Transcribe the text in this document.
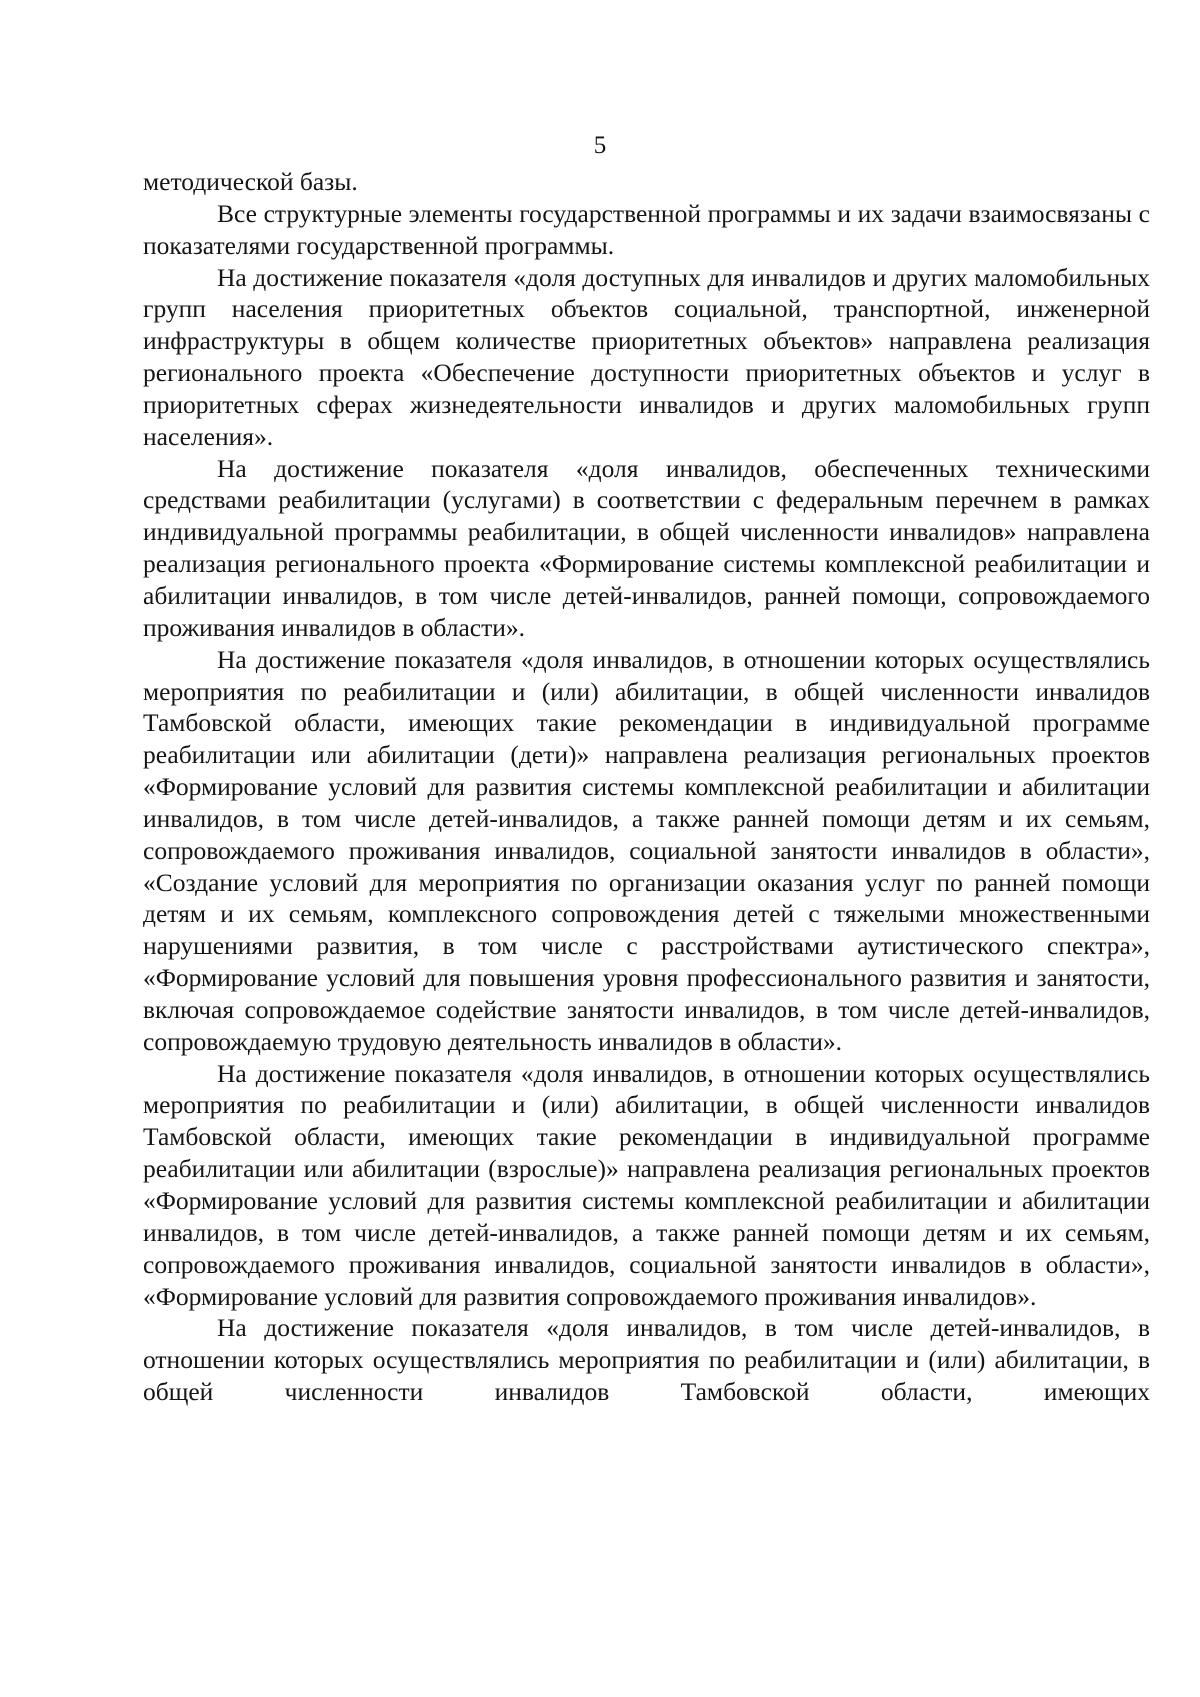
5

методической базы.

Все структурные элементы государственной программы и их задачи взаимосвязаны с показателями государственной программы.

На достижение показателя «доля доступных для инвалидов и других маломобильных групп населения приоритетных объектов социальной, транспортной, инженерной инфраструктуры в общем количестве приоритетных объектов» направлена реализация регионального проекта «Обеспечение доступности приоритетных объектов и услуг в приоритетных сферах жизнедеятельности инвалидов и других маломобильных групп населения».

На достижение показателя «доля инвалидов, обеспеченных техническими средствами реабилитации (услугами) в соответствии с федеральным перечнем в рамках индивидуальной программы реабилитации, в общей численности инвалидов» направлена реализация регионального проекта «Формирование системы комплексной реабилитации и абилитации инвалидов, в том числе детей-инвалидов, ранней помощи, сопровождаемого проживания инвалидов в области».

На достижение показателя «доля инвалидов, в отношении которых осуществлялись мероприятия по реабилитации и (или) абилитации, в общей численности инвалидов Тамбовской области, имеющих такие рекомендации в индивидуальной программе реабилитации или абилитации (дети)» направлена реализация региональных проектов «Формирование условий для развития системы комплексной реабилитации и абилитации инвалидов, в том числе детей-инвалидов, а также ранней помощи детям и их семьям, сопровождаемого проживания инвалидов, социальной занятости инвалидов в области», «Создание условий для мероприятия по организации оказания услуг по ранней помощи детям и их семьям, комплексного сопровождения детей с тяжелыми множественными нарушениями развития, в том числе с расстройствами аутистического спектра», «Формирование условий для повышения уровня профессионального развития и занятости, включая сопровождаемое содействие занятости инвалидов, в том числе детей-инвалидов, сопровождаемую трудовую деятельность инвалидов в области».

На достижение показателя «доля инвалидов, в отношении которых осуществлялись мероприятия по реабилитации и (или) абилитации, в общей численности инвалидов Тамбовской области, имеющих такие рекомендации в индивидуальной программе реабилитации или абилитации (взрослые)» направлена реализация региональных проектов «Формирование условий для развития системы комплексной реабилитации и абилитации инвалидов, в том числе детей-инвалидов, а также ранней помощи детям и их семьям, сопровождаемого проживания инвалидов, социальной занятости инвалидов в области», «Формирование условий для развития сопровождаемого проживания инвалидов».

На достижение показателя «доля инвалидов, в том числе детей-инвалидов, в отношении которых осуществлялись мероприятия по реабилитации и (или) абилитации, в общей численности инвалидов Тамбовской области, имеющих
